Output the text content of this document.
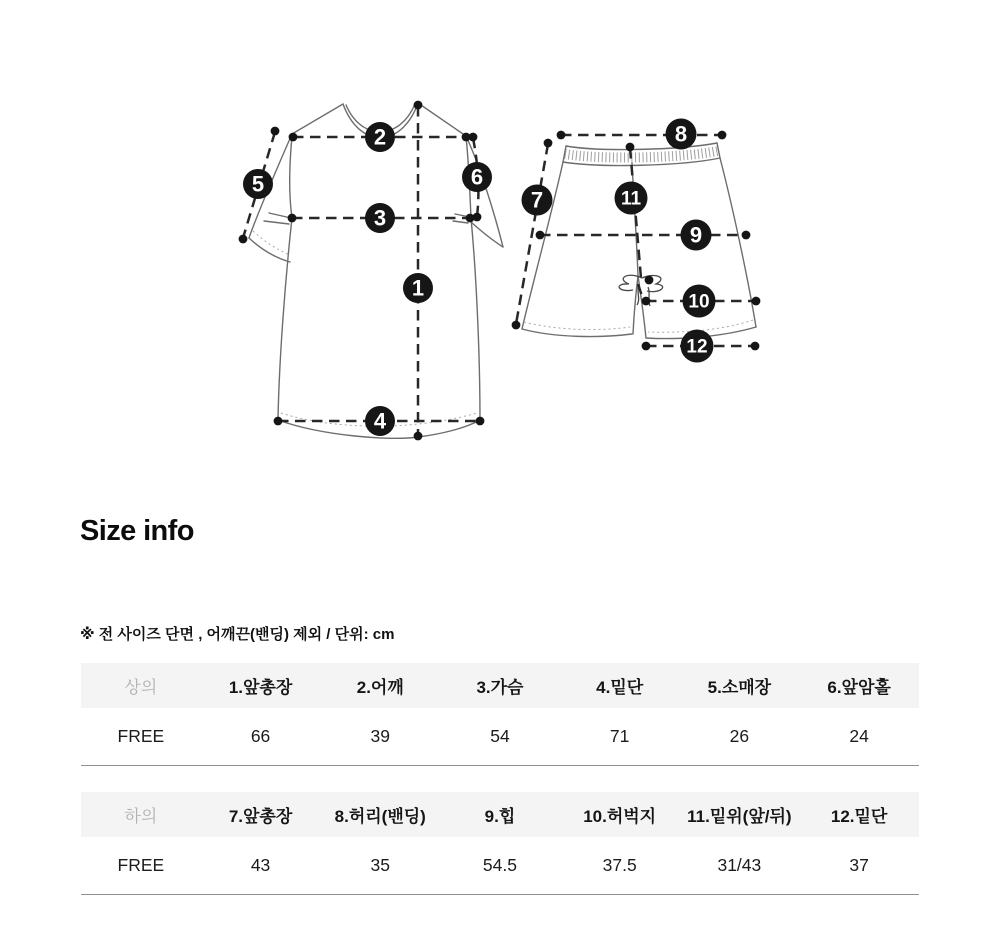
1
2
3
4
5	6
7
8
9
10
11
12
Size info
※ 전 사이즈 단면 , 어깨끈(밴딩) 제외 / 단위: cm
상의	1.앞총장	2.어깨	3.가슴	4.밑단	5.소매장	6.앞암홀
FREE	66	39	54	71	26	24
하의	7.앞총장	8.허리(밴딩)	9.힙	10.허벅지	11.밑위(앞/뒤)	12.밑단
FREE	43	35	54.5	37.5	31/43	37
